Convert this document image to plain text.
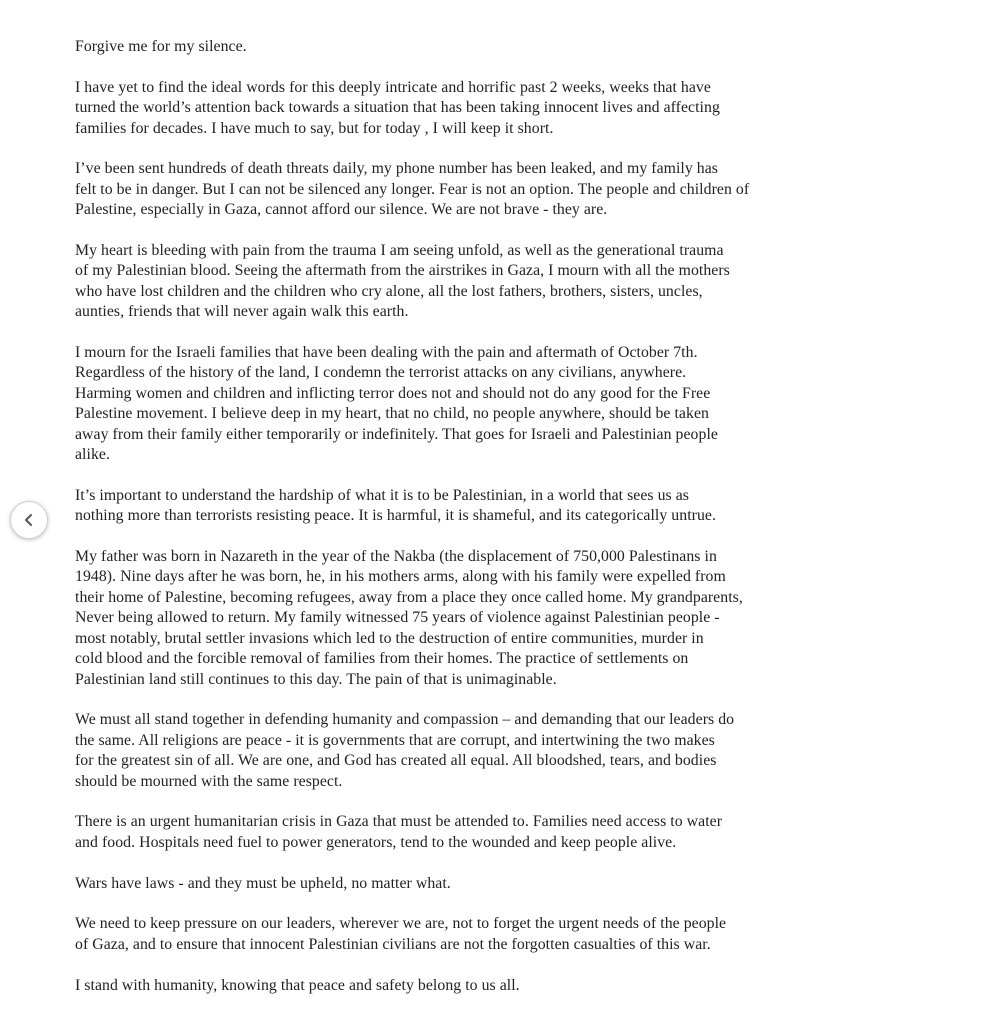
Forgive me for my silence.

I have yet to find the ideal words for this deeply intricate and horrific past 2 weeks, weeks that have
turned the world’s attention back towards a situation that has been taking innocent lives and affecting
families for decades. I have much to say, but for today , I will keep it short.

I’ve been sent hundreds of death threats daily, my phone number has been leaked, and my family has
felt to be in danger. But I can not be silenced any longer. Fear is not an option. The people and children of
Palestine, especially in Gaza, cannot afford our silence. We are not brave - they are.

My heart is bleeding with pain from the trauma I am seeing unfold, as well as the generational trauma
of my Palestinian blood. Seeing the aftermath from the airstrikes in Gaza, I mourn with all the mothers
who have lost children and the children who cry alone, all the lost fathers, brothers, sisters, uncles,
aunties, friends that will never again walk this earth.

I mourn for the Israeli families that have been dealing with the pain and aftermath of October 7th.
Regardless of the history of the land, I condemn the terrorist attacks on any civilians, anywhere.
Harming women and children and inflicting terror does not and should not do any good for the Free
Palestine movement. I believe deep in my heart, that no child, no people anywhere, should be taken
away from their family either temporarily or indefinitely. That goes for Israeli and Palestinian people
alike.

It’s important to understand the hardship of what it is to be Palestinian, in a world that sees us as
nothing more than terrorists resisting peace. It is harmful, it is shameful, and its categorically untrue.

My father was born in Nazareth in the year of the Nakba (the displacement of 750,000 Palestinans in
1948). Nine days after he was born, he, in his mothers arms, along with his family were expelled from
their home of Palestine, becoming refugees, away from a place they once called home. My grandparents,
Never being allowed to return. My family witnessed 75 years of violence against Palestinian people -
most notably, brutal settler invasions which led to the destruction of entire communities, murder in
cold blood and the forcible removal of families from their homes. The practice of settlements on
Palestinian land still continues to this day. The pain of that is unimaginable.

We must all stand together in defending humanity and compassion – and demanding that our leaders do
the same. All religions are peace - it is governments that are corrupt, and intertwining the two makes
for the greatest sin of all. We are one, and God has created all equal. All bloodshed, tears, and bodies
should be mourned with the same respect.

There is an urgent humanitarian crisis in Gaza that must be attended to. Families need access to water
and food. Hospitals need fuel to power generators, tend to the wounded and keep people alive.

Wars have laws - and they must be upheld, no matter what.

We need to keep pressure on our leaders, wherever we are, not to forget the urgent needs of the people
of Gaza, and to ensure that innocent Palestinian civilians are not the forgotten casualties of this war.

I stand with humanity, knowing that peace and safety belong to us all.
